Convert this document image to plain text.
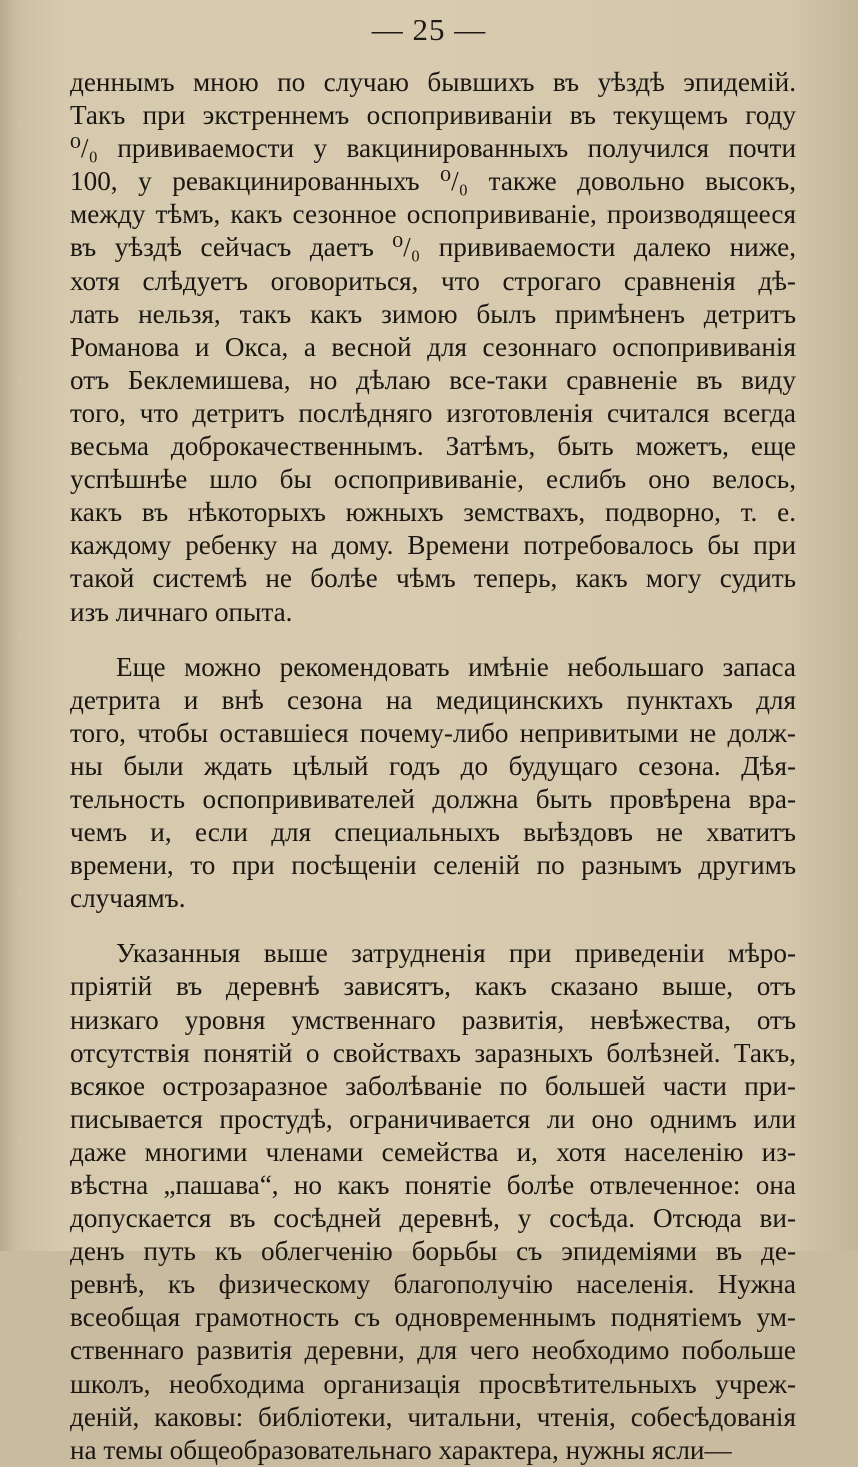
— 25 —
деннымъ мною по случаю бывшихъ въ уѣздѣ эпидемій.
Такъ при экстреннемъ оспопрививаніи въ текущемъ году
⁰/₀ прививаемости у вакцинированныхъ получился почти
100, у ревакцинированныхъ ⁰/₀ также довольно высокъ,
между тѣмъ, какъ сезонное оспопрививаніе, производящееся
въ уѣздѣ сейчасъ даетъ ⁰/₀ прививаемости далеко ниже,
хотя слѣдуетъ оговориться, что строгаго сравненія дѣ-
лать нельзя, такъ какъ зимою былъ примѣненъ детритъ
Романова и Окса, а весной для сезоннаго оспопрививанія
отъ Беклемишева, но дѣлаю все-таки сравненіе въ виду
того, что детритъ послѣдняго изготовленія считался всегда
весьма доброкачественнымъ. Затѣмъ, быть можетъ, еще
успѣшнѣе шло бы оспопрививаніе, еслибъ оно велось,
какъ въ нѣкоторыхъ южныхъ земствахъ, подворно, т. е.
каждому ребенку на дому. Времени потребовалось бы при
такой системѣ не болѣе чѣмъ теперь, какъ могу судить
изъ личнаго опыта.
Еще можно рекомендовать имѣніе небольшаго запаса
детрита и внѣ сезона на медицинскихъ пунктахъ для
того, чтобы оставшіеся почему-либо непривитыми не долж-
ны были ждать цѣлый годъ до будущаго сезона. Дѣя-
тельность оспопрививателей должна быть провѣрена вра-
чемъ и, если для специальныхъ выѣздовъ не хватитъ
времени, то при посѣщеніи селеній по разнымъ другимъ
случаямъ.
Указанныя выше затрудненія при приведеніи мѣро-
пріятій въ деревнѣ зависятъ, какъ сказано выше, отъ
низкаго уровня умственнаго развитія, невѣжества, отъ
отсутствія понятій о свойствахъ заразныхъ болѣзней. Такъ,
всякое острозаразное заболѣваніе по большей части при-
писывается простудѣ, ограничивается ли оно однимъ или
даже многими членами семейства и, хотя населенію из-
вѣстна „пашава“, но какъ понятіе болѣе отвлеченное: она
допускается въ сосѣдней деревнѣ, у сосѣда. Отсюда ви-
денъ путь къ облегченію борьбы съ эпидеміями въ де-
ревнѣ, къ физическому благополучію населенія. Нужна
всеобщая грамотность съ одновременнымъ поднятіемъ ум-
ственнаго развитія деревни, для чего необходимо побольше
школъ, необходима организація просвѣтительныхъ учреж-
деній, каковы: библіотеки, читальни, чтенія, собесѣдованія
на темы общеобразовательнаго характера, нужны ясли—
